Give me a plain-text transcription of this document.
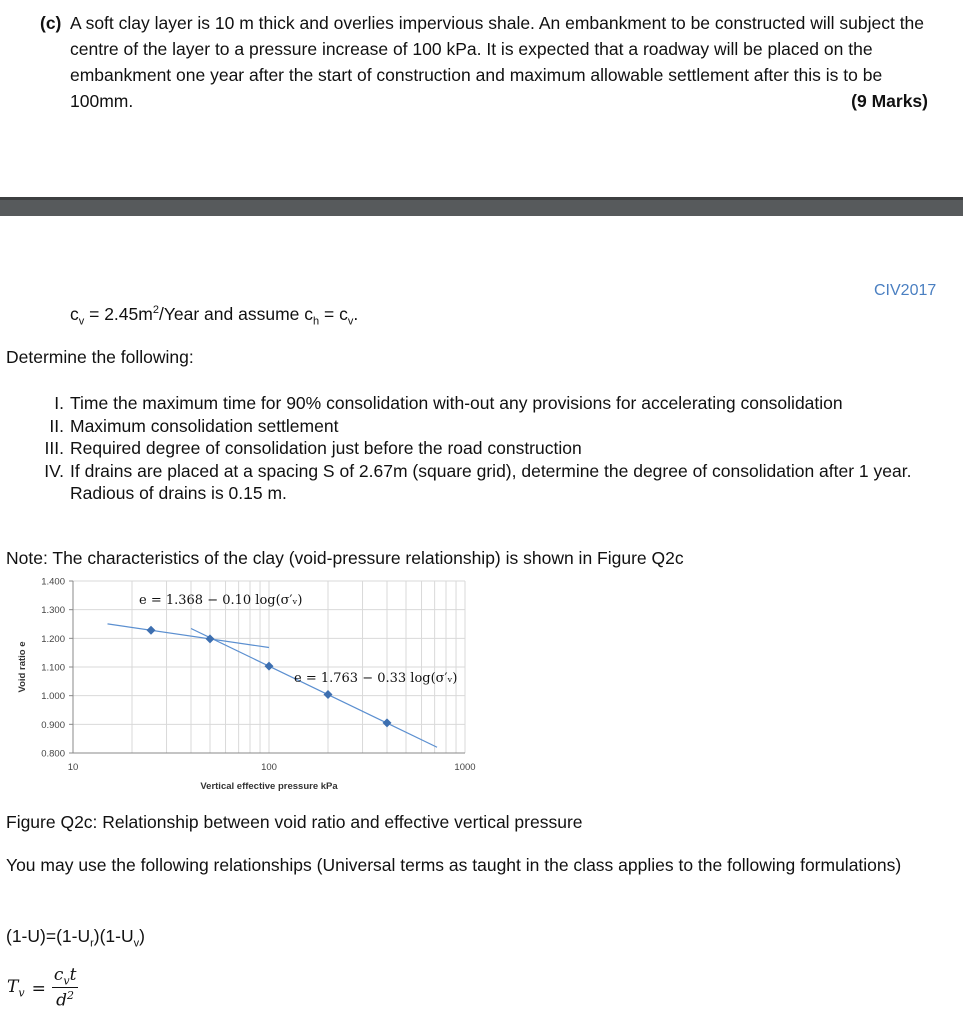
(c) A soft clay layer is 10 m thick and overlies impervious shale. An embankment to be constructed will subject the centre of the layer to a pressure increase of 100 kPa. It is expected that a roadway will be placed on the embankment one year after the start of construction and maximum allowable settlement after this is to be 100mm.	(9 Marks)
CIV2017
$c_v$ = $2.45m^2$/Year and assume $c_h = c_v$.
Determine the following:
I. Time the maximum time for 90% consolidation with-out any provisions for accelerating consolidation
II. Maximum consolidation settlement
III. Required degree of consolidation just before the road construction
IV. If drains are placed at a spacing S of 2.67m (square grid), determine the degree of consolidation after 1 year. Radious of drains is 0.15 m.
Note: The characteristics of the clay (void-pressure relationship) is shown in Figure Q2c
0.800
0.900
1.000
1.100
1.200
1.300
1.400
10	100	1000
Vertical effective pressure kPa
Void ratio e
e = 1.368 − 0.10 log(σ′ᵥ)
e = 1.763 − 0.33 log(σ′ᵥ)
Figure Q2c: Relationship between void ratio and effective vertical pressure
You may use the following relationships (Universal terms as taught in the class applies to the following formulations)
$(1-U)=(1-U_r)(1-U_v)$
$T_v$	=	$c_vt$
$d^2$
